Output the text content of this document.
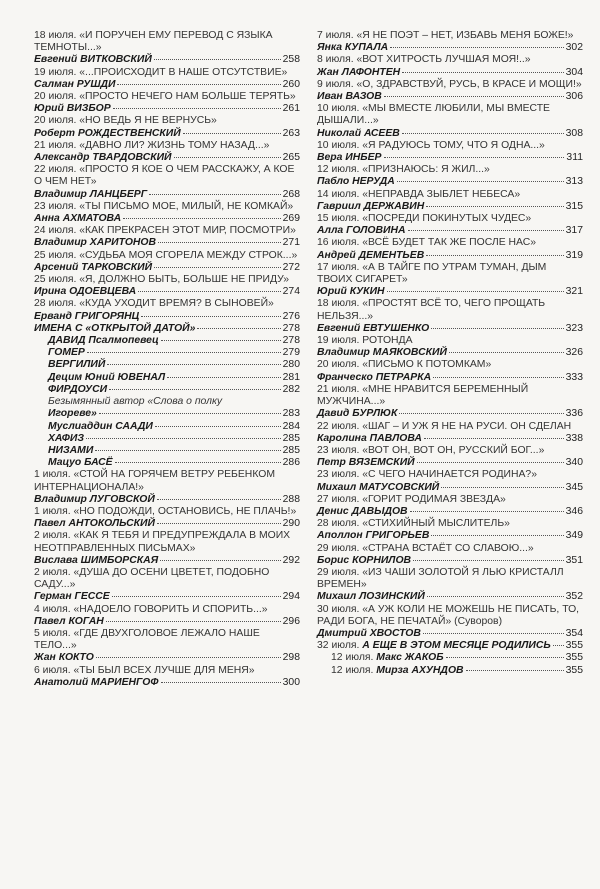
18 июля. «И ПОРУЧЕН ЕМУ ПЕРЕВОД С ЯЗЫКА ТЕМНОТЫ...»
Евгений ВИТКОВСКИЙ	258
19 июля. «...ПРОИСХОДИТ В НАШЕ ОТСУТСТВИЕ»
Салман РУШДИ	260
20 июля. «ПРОСТО НЕЧЕГО НАМ БОЛЬШЕ ТЕРЯТЬ»
Юрий ВИЗБОР	261
20 июля. «НО ВЕДЬ Я НЕ ВЕРНУСЬ»
Роберт РОЖДЕСТВЕНСКИЙ	263
21 июля. «ДАВНО ЛИ? ЖИЗНЬ ТОМУ НАЗАД...»
Александр ТВАРДОВСКИЙ	265
22 июля. «ПРОСТО Я КОЕ О ЧЕМ РАССКАЖУ, А КОЕ О ЧЕМ НЕТ»
Владимир ЛАНЦБЕРГ	268
23 июля. «ТЫ ПИСЬМО МОЕ, МИЛЫЙ, НЕ КОМКАЙ»
Анна АХМАТОВА	269
24 июля. «КАК ПРЕКРАСЕН ЭТОТ МИР, ПОСМОТРИ»
Владимир ХАРИТОНОВ	271
25 июля. «СУДЬБА МОЯ СГОРЕЛА МЕЖДУ СТРОК...»
Арсений ТАРКОВСКИЙ	272
25 июля. «Я, ДОЛЖНО БЫТЬ, БОЛЬШЕ НЕ ПРИДУ»
Ирина ОДОЕВЦЕВА	274
28 июля. «КУДА УХОДИТ ВРЕМЯ? В СЫНОВЕЙ»
Ерванд ГРИГОРЯНЦ	276
ИМЕНА С «ОТКРЫТОЙ ДАТОЙ»	278
ДАВИД Псалмопевец	278
ГОМЕР	279
ВЕРГИЛИЙ	280
Децим Юний ЮВЕНАЛ	281
ФИРДОУСИ	282
Безымянный автор «Слова о полку
Игореве»	283
Муслиаддин СААДИ	284
ХАФИЗ	285
НИЗАМИ	285
Мацуо БАСЁ	286
1 июля. «СТОЙ НА ГОРЯЧЕМ ВЕТРУ РЕБЕНКОМ ИНТЕРНАЦИОНАЛА!»
Владимир ЛУГОВСКОЙ	288
1 июля. «НО ПОДОЖДИ, ОСТАНОВИСЬ, НЕ ПЛАЧЬ!»
Павел АНТОКОЛЬСКИЙ	290
2 июля. «КАК Я ТЕБЯ И ПРЕДУПРЕЖДАЛА В МОИХ НЕОТПРАВЛЕННЫХ ПИСЬМАХ»
Вислава ШИМБОРСКАЯ	292
2 июля. «ДУША ДО ОСЕНИ ЦВЕТЕТ, ПОДОБНО САДУ...»
Герман ГЕССЕ	294
4 июля. «НАДОЕЛО ГОВОРИТЬ И СПОРИТЬ...»
Павел КОГАН	296
5 июля. «ГДЕ ДВУХГОЛОВОЕ ЛЕЖАЛО НАШЕ ТЕЛО...»
Жан КОКТО	298
6 июля. «ТЫ БЫЛ ВСЕХ ЛУЧШЕ ДЛЯ МЕНЯ»
Анатолий МАРИЕНГОФ	300
7 июля. «Я НЕ ПОЭТ – НЕТ, ИЗБАВЬ МЕНЯ БОЖЕ!»
Янка КУПАЛА	302
8 июля. «ВОТ ХИТРОСТЬ ЛУЧШАЯ МОЯ!..»
Жан ЛАФОНТЕН	304
9 июля. «О, ЗДРАВСТВУЙ, РУСЬ, В КРАСЕ И МОЩИ!»
Иван ВАЗОВ	306
10 июля. «МЫ ВМЕСТЕ ЛЮБИЛИ, МЫ ВМЕСТЕ ДЫШАЛИ...»
Николай АСЕЕВ	308
10 июля. «Я РАДУЮСЬ ТОМУ, ЧТО Я ОДНА...»
Вера ИНБЕР	311
12 июля. «ПРИЗНАЮСЬ: Я ЖИЛ...»
Пабло НЕРУДА	313
14 июля. «НЕПРАВДА ЗЫБЛЕТ НЕБЕСА»
Гавриил ДЕРЖАВИН	315
15 июля. «ПОСРЕДИ ПОКИНУТЫХ ЧУДЕС»
Алла ГОЛОВИНА	317
16 июля. «ВСЁ БУДЕТ ТАК ЖЕ ПОСЛЕ НАС»
Андрей ДЕМЕНТЬЕВ	319
17 июля. «А В ТАЙГЕ ПО УТРАМ ТУМАН, ДЫМ ТВОИХ СИГАРЕТ»
Юрий КУКИН	321
18 июля. «ПРОСТЯТ ВСЁ ТО, ЧЕГО ПРОЩАТЬ НЕЛЬЗЯ...»
Евгений ЕВТУШЕНКО	323
19 июля. РОТОНДА
Владимир МАЯКОВСКИЙ	326
20 июля. «ПИСЬМО К ПОТОМКАМ»
Франческо ПЕТРАРКА	333
21 июля. «МНЕ НРАВИТСЯ БЕРЕМЕННЫЙ МУЖЧИНА...»
Давид БУРЛЮК	336
22 июля. «ШАГ – И УЖ Я НЕ НА РУСИ. ОН СДЕЛАН
Каролина ПАВЛОВА	338
23 июля. «ВОТ ОН, ВОТ ОН, РУССКИЙ БОГ...»
Петр ВЯЗЕМСКИЙ	340
23 июля. «С ЧЕГО НАЧИНАЕТСЯ РОДИНА?»
Михаил МАТУСОВСКИЙ	345
27 июля. «ГОРИТ РОДИМАЯ ЗВЕЗДА»
Денис ДАВЫДОВ	346
28 июля. «СТИХИЙНЫЙ МЫСЛИТЕЛЬ»
Аполлон ГРИГОРЬЕВ	349
29 июля. «СТРАНА ВСТАЁТ СО СЛАВОЮ...»
Борис КОРНИЛОВ	351
29 июля. «ИЗ ЧАШИ ЗОЛОТОЙ Я ЛЬЮ КРИСТАЛЛ ВРЕМЕН»
Михаил ЛОЗИНСКИЙ	352
30 июля. «А УЖ КОЛИ НЕ МОЖЕШЬ НЕ ПИСАТЬ, ТО, РАДИ БОГА, НЕ ПЕЧАТАЙ» (Суворов)
Дмитрий ХВОСТОВ	354
32 июля. А ЕЩЕ В ЭТОМ МЕСЯЦЕ РОДИЛИСЬ 355
12 июля. Макс ЖАКОБ	355
12 июля. Мирза АХУНДОВ	355
